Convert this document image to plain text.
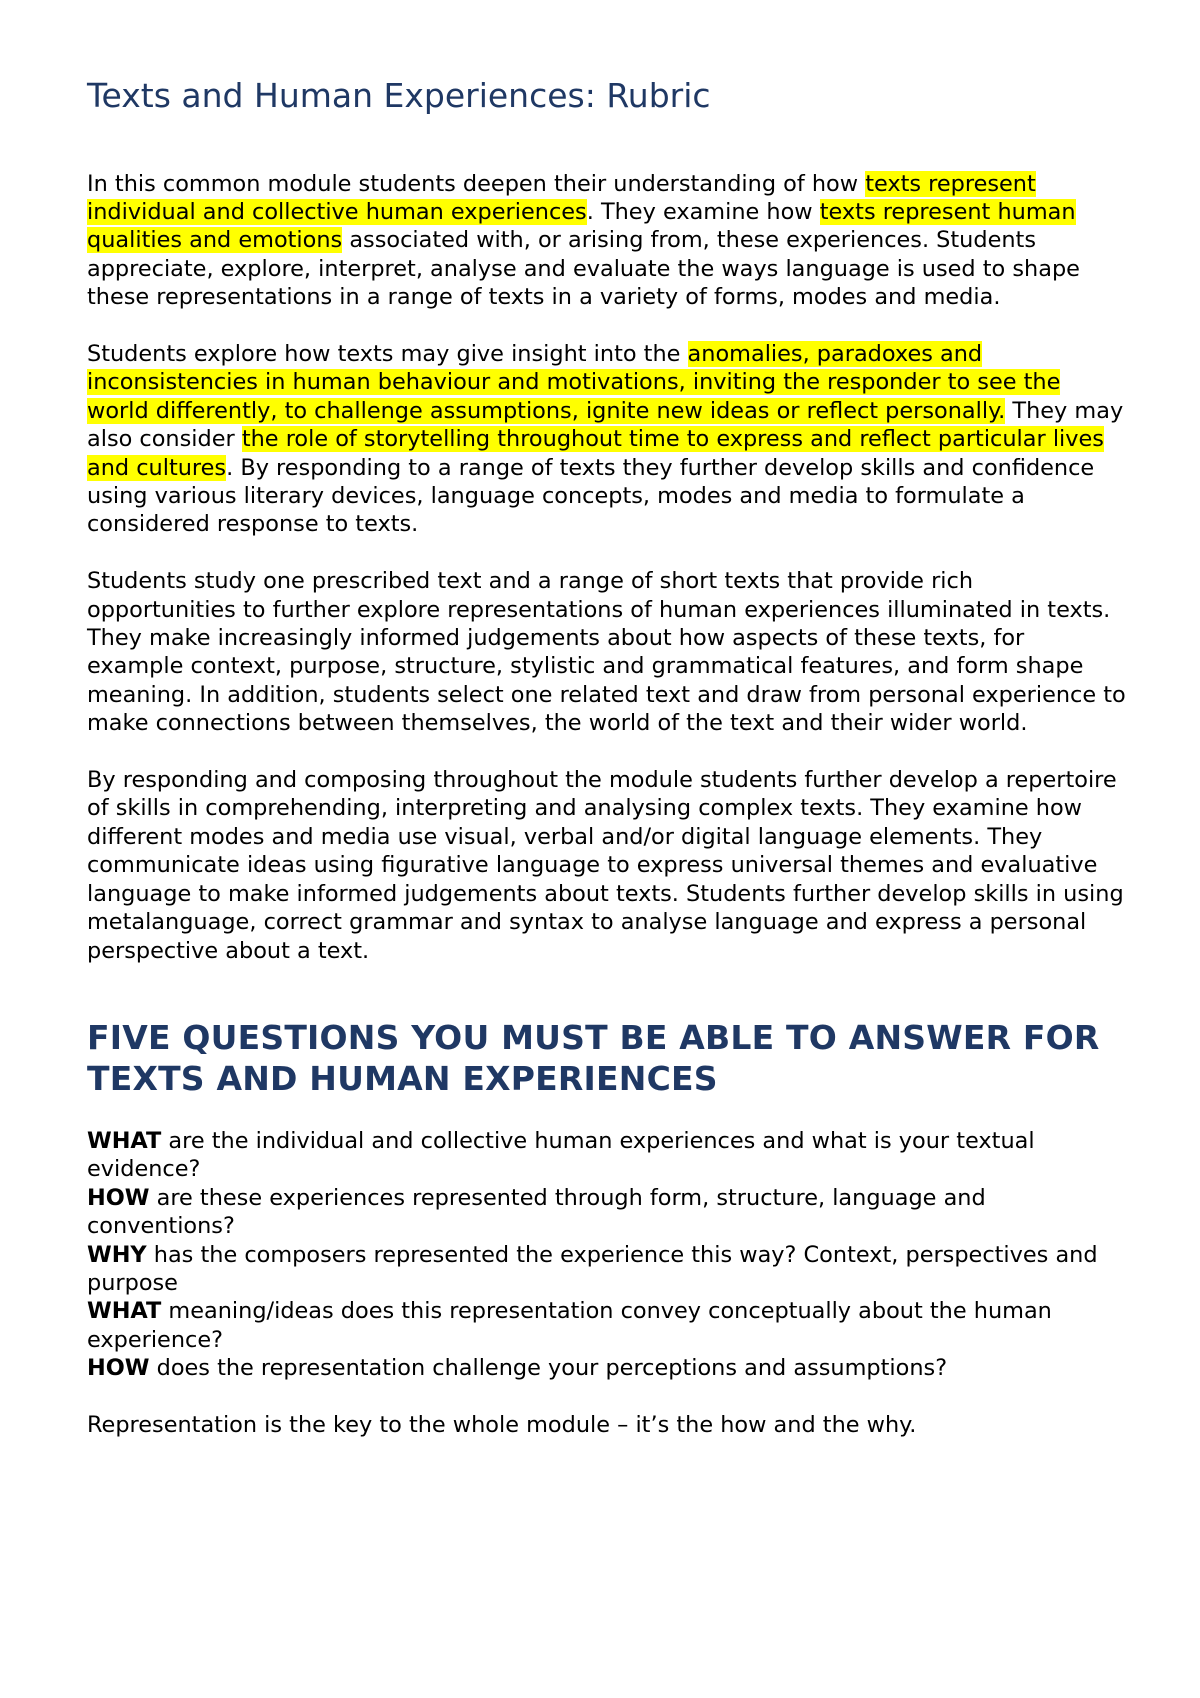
Texts and Human Experiences: Rubric

In this common module students deepen their understanding of how texts represent individual and collective human experiences. They examine how texts represent human qualities and emotions associated with, or arising from, these experiences. Students appreciate, explore, interpret, analyse and evaluate the ways language is used to shape these representations in a range of texts in a variety of forms, modes and media.

Students explore how texts may give insight into the anomalies, paradoxes and inconsistencies in human behaviour and motivations, inviting the responder to see the world differently, to challenge assumptions, ignite new ideas or reflect personally. They may also consider the role of storytelling throughout time to express and reflect particular lives and cultures. By responding to a range of texts they further develop skills and confidence using various literary devices, language concepts, modes and media to formulate a considered response to texts.

Students study one prescribed text and a range of short texts that provide rich opportunities to further explore representations of human experiences illuminated in texts. They make increasingly informed judgements about how aspects of these texts, for example context, purpose, structure, stylistic and grammatical features, and form shape meaning. In addition, students select one related text and draw from personal experience to make connections between themselves, the world of the text and their wider world.

By responding and composing throughout the module students further develop a repertoire of skills in comprehending, interpreting and analysing complex texts. They examine how different modes and media use visual, verbal and/or digital language elements. They communicate ideas using figurative language to express universal themes and evaluative language to make informed judgements about texts. Students further develop skills in using metalanguage, correct grammar and syntax to analyse language and express a personal perspective about a text.

FIVE QUESTIONS YOU MUST BE ABLE TO ANSWER FOR TEXTS AND HUMAN EXPERIENCES

WHAT are the individual and collective human experiences and what is your textual evidence?

HOW are these experiences represented through form, structure, language and conventions?

WHY has the composers represented the experience this way? Context, perspectives and purpose

WHAT meaning/ideas does this representation convey conceptually about the human experience?

HOW does the representation challenge your perceptions and assumptions?

Representation is the key to the whole module – it’s the how and the why.
